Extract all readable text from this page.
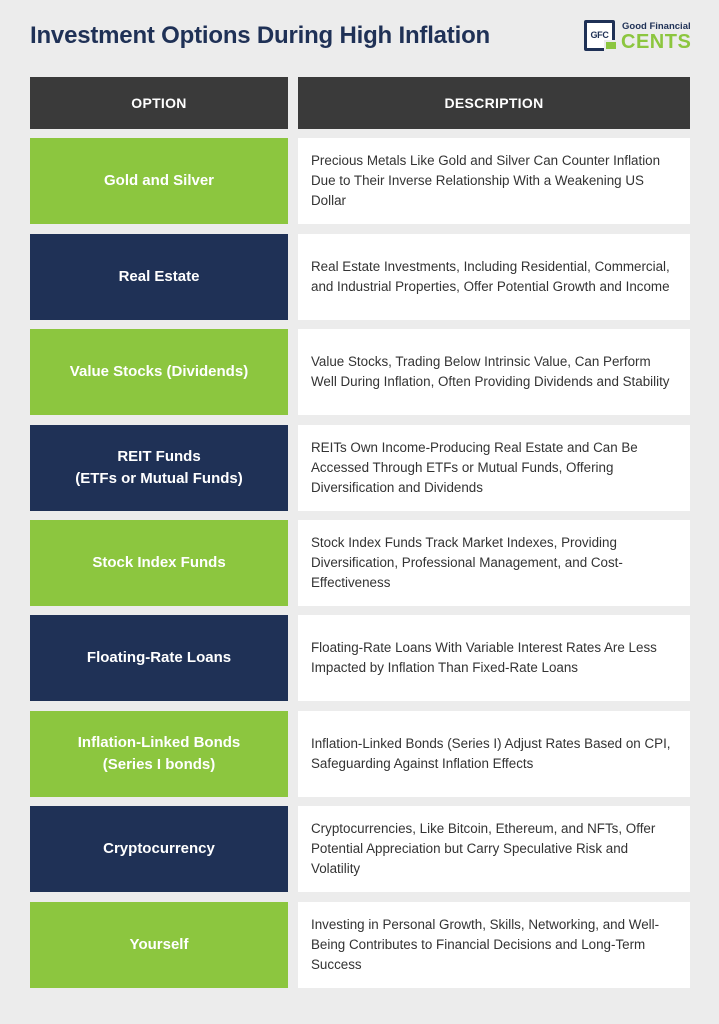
Investment Options During High Inflation	GFC
Good Financial
CENTS
OPTION	DESCRIPTION
Gold and Silver
Precious Metals Like Gold and Silver Can Counter Inflation Due to Their Inverse Relationship With a Weakening US Dollar
Real Estate
Real Estate Investments, Including Residential, Commercial, and Industrial Properties, Offer Potential Growth and Income
Value Stocks (Dividends)
Value Stocks, Trading Below Intrinsic Value, Can Perform Well During Inflation, Often Providing Dividends and Stability
REIT Funds
(ETFs or Mutual Funds)
REITs Own Income-Producing Real Estate and Can Be Accessed Through ETFs or Mutual Funds, Offering Diversification and Dividends
Stock Index Funds
Stock Index Funds Track Market Indexes, Providing Diversification, Professional Management, and Cost-Effectiveness
Floating-Rate Loans
Floating-Rate Loans With Variable Interest Rates Are Less Impacted by Inflation Than Fixed-Rate Loans
Inflation-Linked Bonds
(Series I bonds)
Inflation-Linked Bonds (Series I) Adjust Rates Based on CPI, Safeguarding Against Inflation Effects
Cryptocurrency
Cryptocurrencies, Like Bitcoin, Ethereum, and NFTs, Offer Potential Appreciation but Carry Speculative Risk and Volatility
Yourself
Investing in Personal Growth, Skills, Networking, and Well-Being Contributes to Financial Decisions and Long-Term Success
